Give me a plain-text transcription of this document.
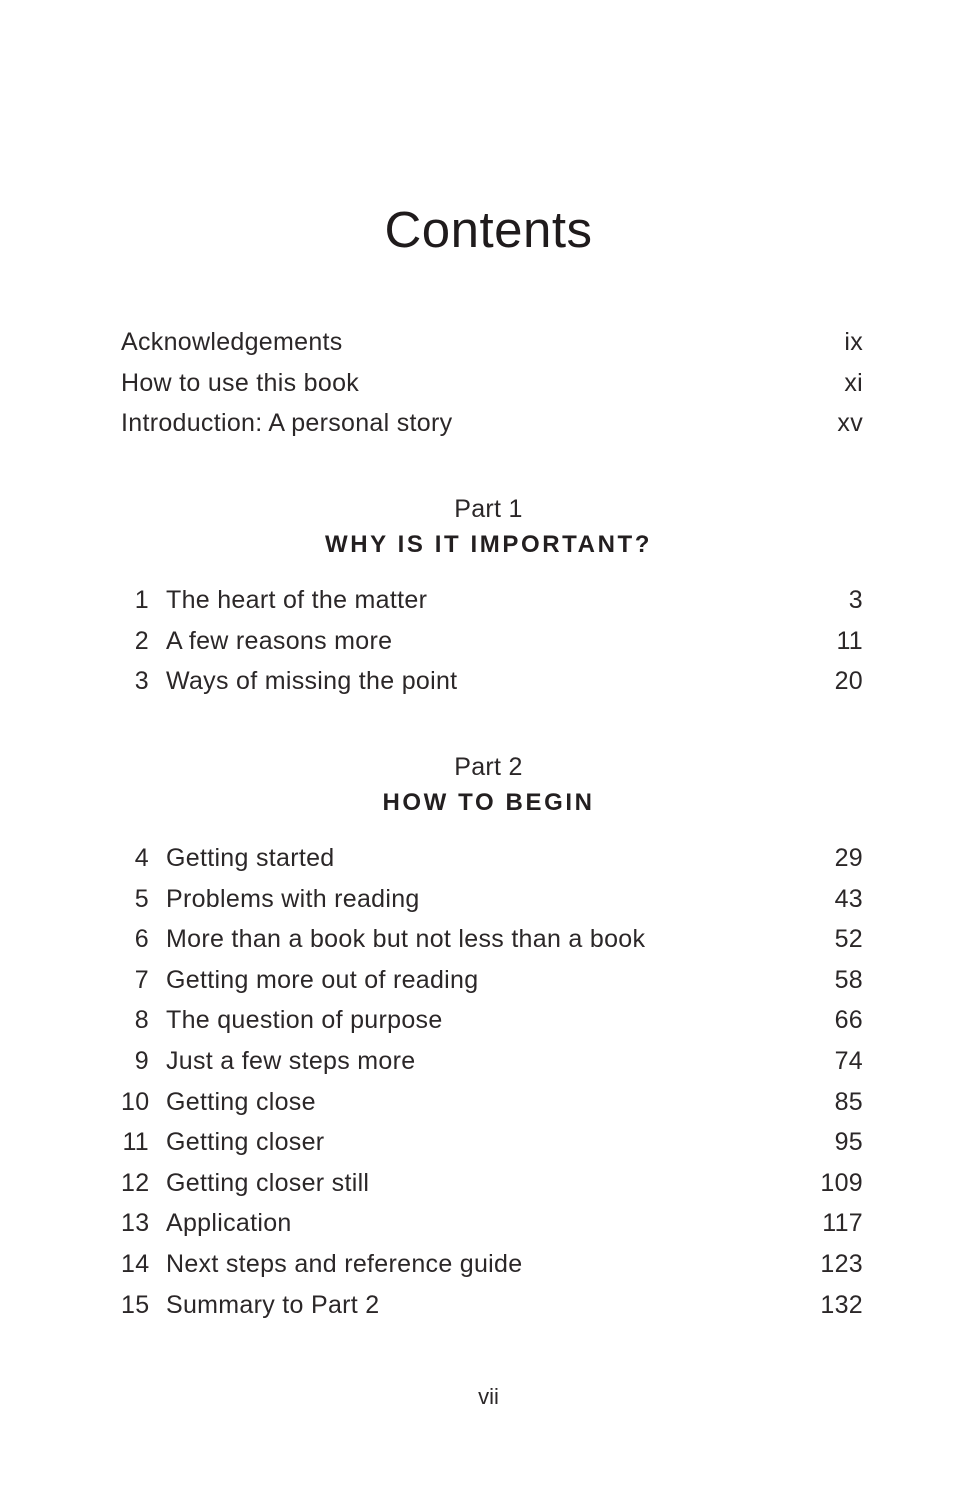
Contents
Acknowledgements	ix
How to use this book	xi
Introduction: A personal story	xv
Part 1
WHY IS IT IMPORTANT?
1 The heart of the matter	3
2 A few reasons more	11
3 Ways of missing the point	20
Part 2
HOW TO BEGIN
4 Getting started	29
5 Problems with reading	43
6 More than a book but not less than a book	52
7 Getting more out of reading	58
8 The question of purpose	66
9 Just a few steps more	74
10 Getting close	85
11 Getting closer	95
12 Getting closer still	109
13 Application	117
14 Next steps and reference guide	123
15 Summary to Part 2	132
vii
